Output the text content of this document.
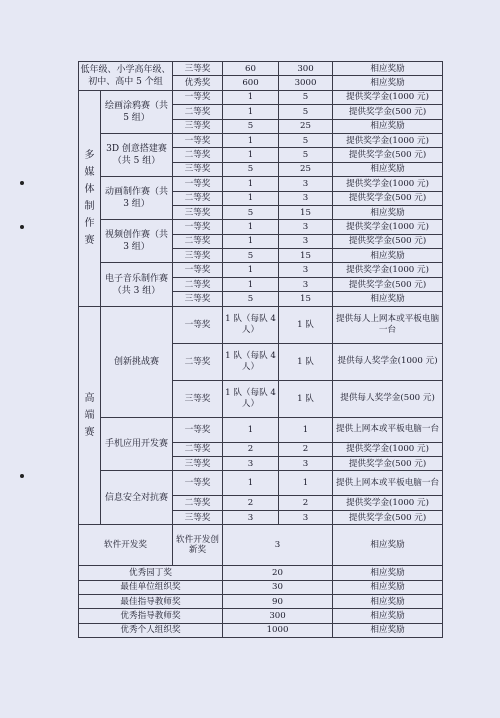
低年级、小学高年级、初中、高中 5 个组		三等奖	60	300	相应奖励
		优秀奖	600	3000	相应奖励
多媒体制作赛	绘画涂鸦赛（共 5 组）	一等奖	1	5	提供奖学金(1000 元)
		二等奖	1	5	提供奖学金(500 元)
		三等奖	5	25	相应奖励
	3D 创意搭建赛（共 5 组）	一等奖	1	5	提供奖学金(1000 元)
		二等奖	1	5	提供奖学金(500 元)
		三等奖	5	25	相应奖励
	动画制作赛（共 3 组）	一等奖	1	3	提供奖学金(1000 元)
		二等奖	1	3	提供奖学金(500 元)
		三等奖	5	15	相应奖励
	视频创作赛（共 3 组）	一等奖	1	3	提供奖学金(1000 元)
		二等奖	1	3	提供奖学金(500 元)
		三等奖	5	15	相应奖励
	电子音乐制作赛（共 3 组）	一等奖	1	3	提供奖学金(1000 元)
		二等奖	1	3	提供奖学金(500 元)
		三等奖	5	15	相应奖励
高端赛	创新挑战赛	一等奖	1 队（每队 4 人）	1 队	提供每人上网本或平板电脑一台
		二等奖	1 队（每队 4 人）	1 队	提供每人奖学金(1000 元)
		三等奖	1 队（每队 4 人）	1 队	提供每人奖学金(500 元)
	手机应用开发赛	一等奖	1	1	提供上网本或平板电脑一台
		二等奖	2	2	提供奖学金(1000 元)
		三等奖	3	3	提供奖学金(500 元)
	信息安全对抗赛	一等奖	1	1	提供上网本或平板电脑一台
		二等奖	2	2	提供奖学金(1000 元)
		三等奖	3	3	提供奖学金(500 元)
软件开发奖		软件开发创新奖	3		相应奖励
优秀园丁奖			20		相应奖励
最佳单位组织奖			30		相应奖励
最佳指导教师奖			90		相应奖励
优秀指导教师奖			300		相应奖励
优秀个人组织奖			1000		相应奖励
